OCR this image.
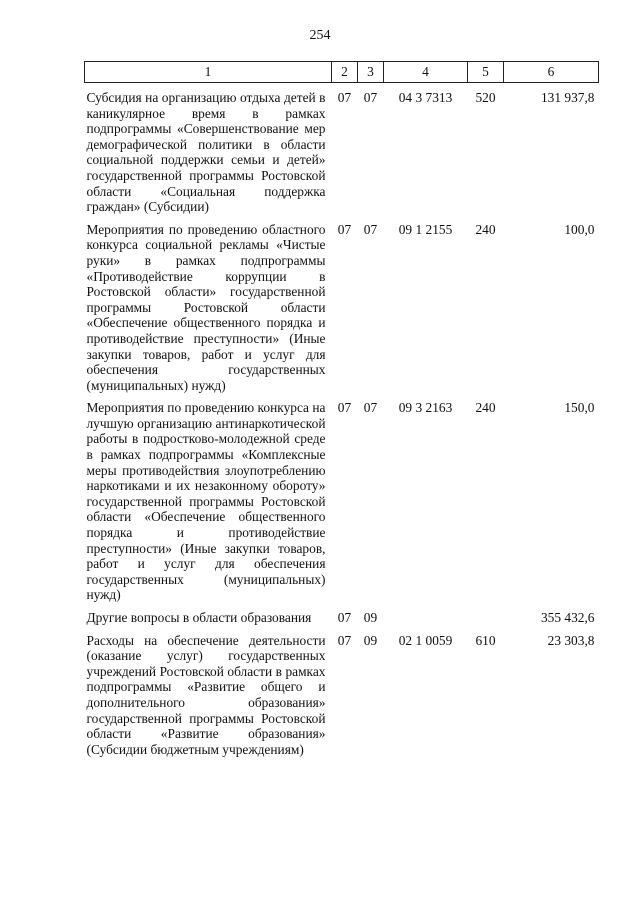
254
1	2	3	4	5	6

Субсидия на организацию отдыха детей в каникулярное время в рамках подпрограммы «Совершенствование мер демографической политики в области социальной поддержки семьи и детей» государственной программы Ростовской области «Социальная поддержка граждан» (Субсидии)	07	07	04 3 7313	520	131 937,8

Мероприятия по проведению областного конкурса социальной рекламы «Чистые руки» в рамках подпрограммы «Противодействие коррупции в Ростовской области» государственной программы Ростовской области «Обеспечение общественного порядка и противодействие преступности» (Иные закупки товаров, работ и услуг для обеспечения государственных (муниципальных) нужд)	07	07	09 1 2155	240	100,0

Мероприятия по проведению конкурса на лучшую организацию антинаркотической работы в подростково-молодежной среде в рамках подпрограммы «Комплексные меры противодействия злоупотреблению наркотиками и их незаконному обороту» государственной программы Ростовской области «Обеспечение общественного порядка и противодействие преступности» (Иные закупки товаров, работ и услуг для обеспечения государственных (муниципальных) нужд)	07	07	09 3 2163	240	150,0

Другие вопросы в области образования	07	09			355 432,6

Расходы на обеспечение деятельности (оказание услуг) государственных учреждений Ростовской области в рамках подпрограммы «Развитие общего и дополнительного образования» государственной программы Ростовской области «Развитие образования» (Субсидии бюджетным учреждениям)	07	09	02 1 0059	610	23 303,8
